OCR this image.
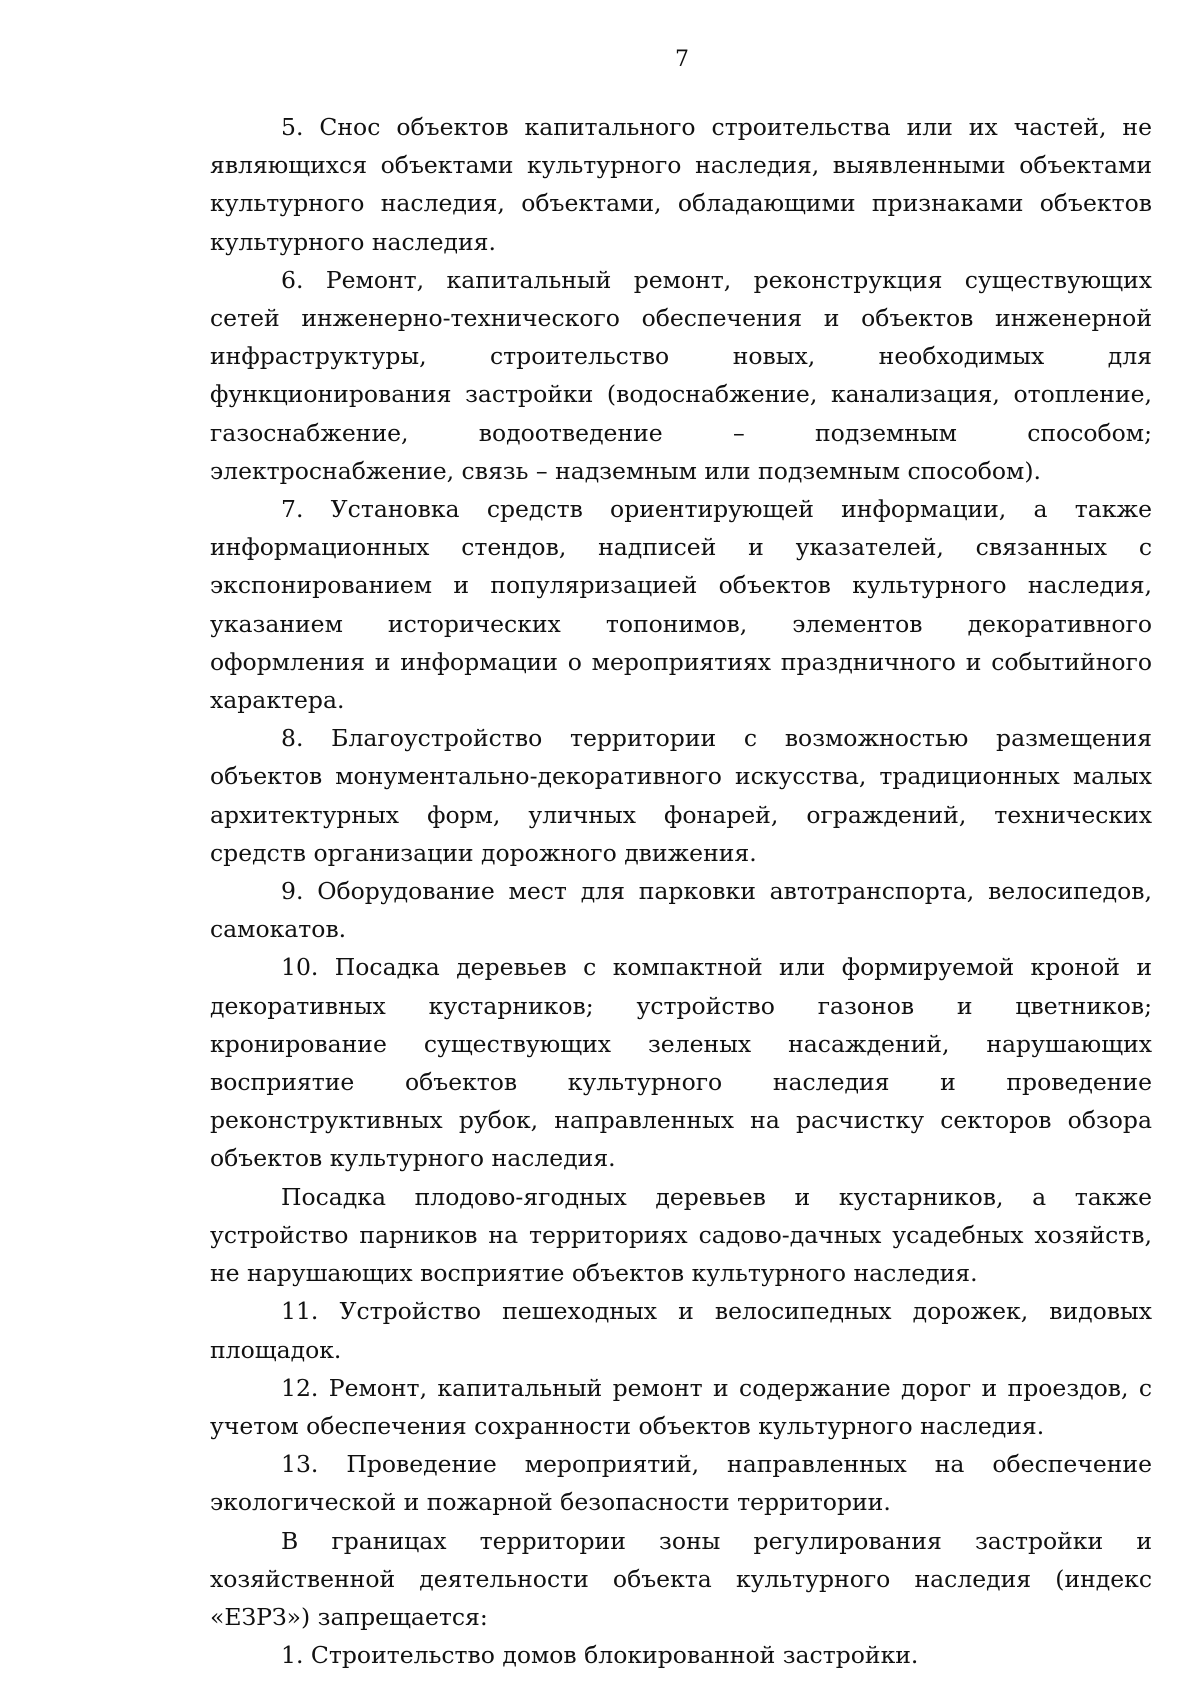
7

5. Снос объектов капитального строительства или их частей, не являющихся объектами культурного наследия, выявленными объектами культурного наследия, объектами, обладающими признаками объектов культурного наследия.

6. Ремонт, капитальный ремонт, реконструкция существующих сетей инженерно-технического обеспечения и объектов инженерной инфраструктуры, строительство новых, необходимых для функционирования застройки (водоснабжение, канализация, отопление, газоснабжение, водоотведение – подземным способом; электроснабжение, связь – надземным или подземным способом).

7. Установка средств ориентирующей информации, а также информационных стендов, надписей и указателей, связанных с экспонированием и популяризацией объектов культурного наследия, указанием исторических топонимов, элементов декоративного оформления и информации о мероприятиях праздничного и событийного характера.

8. Благоустройство территории с возможностью размещения объектов монументально-декоративного искусства, традиционных малых архитектурных форм, уличных фонарей, ограждений, технических средств организации дорожного движения.

9. Оборудование мест для парковки автотранспорта, велосипедов, самокатов.

10. Посадка деревьев с компактной или формируемой кроной и декоративных кустарников; устройство газонов и цветников; кронирование существующих зеленых насаждений, нарушающих восприятие объектов культурного наследия и проведение реконструктивных рубок, направленных на расчистку секторов обзора объектов культурного наследия.

Посадка плодово-ягодных деревьев и кустарников, а также устройство парников на территориях садово-дачных усадебных хозяйств, не нарушающих восприятие объектов культурного наследия.

11. Устройство пешеходных и велосипедных дорожек, видовых площадок.

12. Ремонт, капитальный ремонт и содержание дорог и проездов, с учетом обеспечения сохранности объектов культурного наследия.

13. Проведение мероприятий, направленных на обеспечение экологической и пожарной безопасности территории.

В границах территории зоны регулирования застройки и хозяйственной деятельности объекта культурного наследия (индекс «ЕЗРЗ») запрещается:

1. Строительство домов блокированной застройки.
